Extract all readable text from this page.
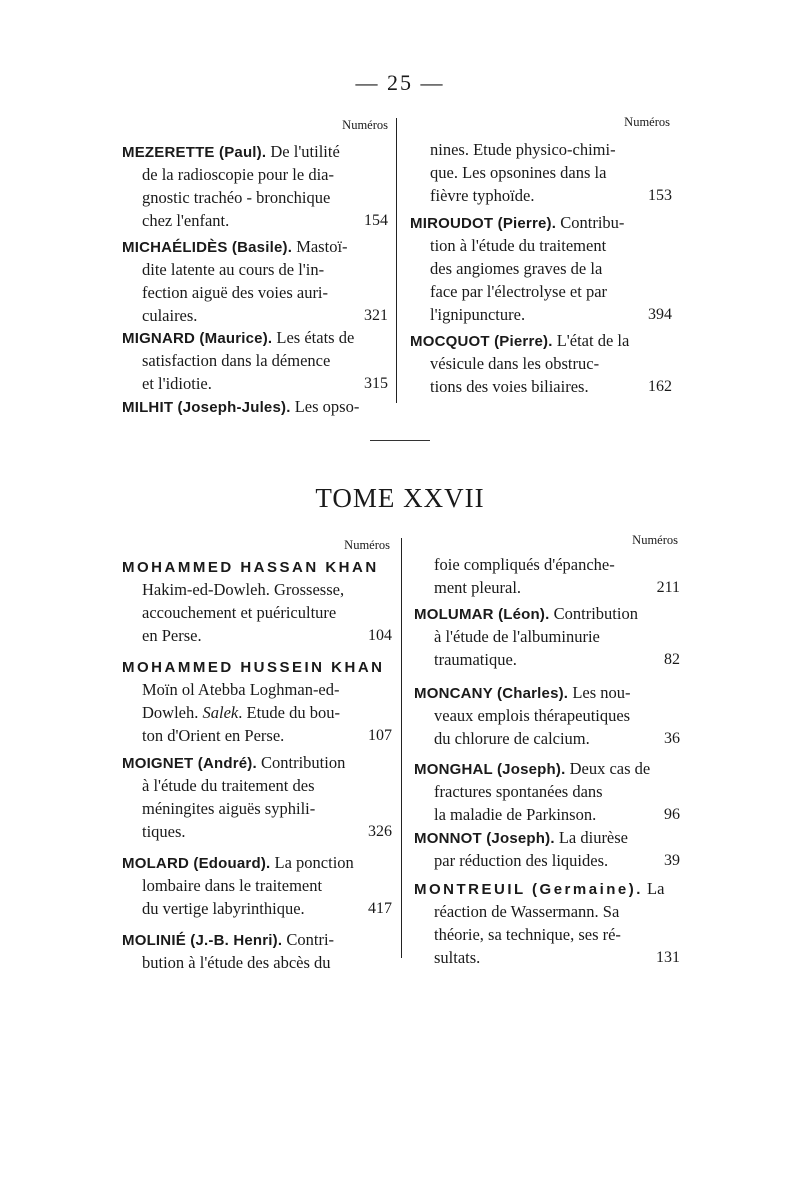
— 25 —
Numéros	Numéros
MEZERETTE (Paul). De l'utilité
de la radioscopie pour le dia-
gnostic trachéo - bronchique
chez l'enfant.	154
MICHAÉLIDÈS (Basile). Mastoï-
dite latente au cours de l'in-
fection aiguë des voies auri-
culaires.	321
MIGNARD (Maurice). Les états de
satisfaction dans la démence
et l'idiotie.	315
MILHIT (Joseph-Jules). Les opso-
nines. Etude physico-chimi-
que. Les opsonines dans la
fièvre typhoïde.	153
MIROUDOT (Pierre). Contribu-
tion à l'étude du traitement
des angiomes graves de la
face par l'électrolyse et par
l'ignipuncture.	394
MOCQUOT (Pierre). L'état de la
vésicule dans les obstruc-
tions des voies biliaires.	162
TOME XXVII
Numéros	Numéros
MOHAMMED HASSAN KHAN
Hakim-ed-Dowleh. Grossesse,
accouchement et puériculture
en Perse.	104
MOHAMMED HUSSEIN KHAN
Moïn ol Atebba Loghman-ed-
Dowleh. Salek. Etude du bou-
ton d'Orient en Perse.	107
MOIGNET (André). Contribution
à l'étude du traitement des
méningites aiguës syphili-
tiques.	326
MOLARD (Edouard). La ponction
lombaire dans le traitement
du vertige labyrinthique.	417
MOLINIÉ (J.-B. Henri). Contri-
bution à l'étude des abcès du
foie compliqués d'épanche-
ment pleural.	211
MOLUMAR (Léon). Contribution
à l'étude de l'albuminurie
traumatique.	82
MONCANY (Charles). Les nou-
veaux emplois thérapeutiques
du chlorure de calcium.	36
MONGHAL (Joseph). Deux cas de
fractures spontanées dans
la maladie de Parkinson.	96
MONNOT (Joseph). La diurèse
par réduction des liquides.	39
MONTREUIL (Germaine). La
réaction de Wassermann. Sa
théorie, sa technique, ses ré-
sultats.	131
